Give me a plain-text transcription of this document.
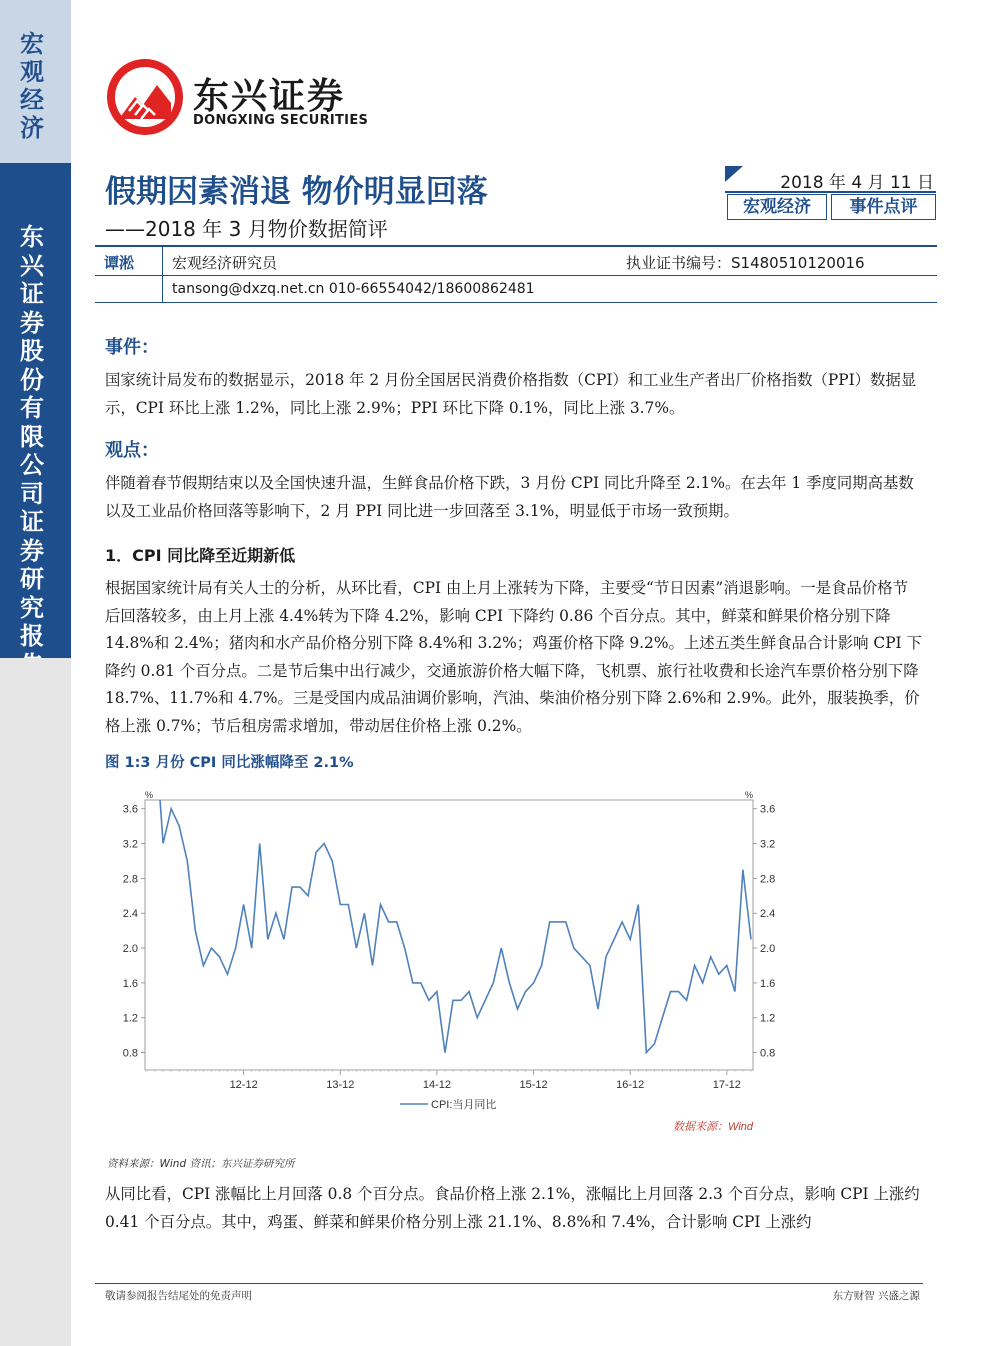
宏观经济
东兴证券股份有限公司证券研究报
东兴证券
DONGXING SECURITIES
假期因素消退 物价明显回落
——2018 年 3 月物价数据简评
2018 年 4 月 11 日
宏观经济	事件点评
谭淞	宏观经济研究员	执业证书编号：S1480510120016
tansong@dxzq.net.cn 010-66554042/18600862481
事件：
国家统计局发布的数据显示，2018 年 2 月份全国居民消费价格指数（CPI）和工业生产者出厂价格指数（PPI）数据显示，CPI 环比上涨 1.2%，同比上涨 2.9%；PPI 环比下降 0.1%，同比上涨 3.7%。
观点：
伴随着春节假期结束以及全国快速升温，生鲜食品价格下跌，3 月份 CPI 同比升降至 2.1%。在去年 1 季度同期高基数以及工业品价格回落等影响下，2 月 PPI 同比进一步回落至 3.1%，明显低于市场一致预期。
1．CPI 同比降至近期新低
根据国家统计局有关人士的分析，从环比看，CPI 由上月上涨转为下降，主要受“节日因素”消退影响。一是食品价格节后回落较多，由上月上涨 4.4%转为下降 4.2%，影响 CPI 下降约 0.86 个百分点。其中，鲜菜和鲜果价格分别下降 14.8%和 2.4%；猪肉和水产品价格分别下降 8.4%和 3.2%；鸡蛋价格下降 9.2%。上述五类生鲜食品合计影响 CPI 下降约 0.81 个百分点。二是节后集中出行减少，交通旅游价格大幅下降，飞机票、旅行社收费和长途汽车票价格分别下降 18.7%、11.7%和 4.7%。三是受国内成品油调价影响，汽油、柴油价格分别下降 2.6%和 2.9%。此外，服装换季，价格上涨 0.7%；节后租房需求增加，带动居住价格上涨 0.2%。
图 1:3 月份 CPI 同比涨幅降至 2.1%
3.6	3.6
3.2	3.2
2.8	2.8
2.4	2.4
2.0	2.0
1.6	1.6
1.2	1.2
0.8	0.8
%	%
12-12	13-12	14-12	15-12	16-12	17-12
CPI:当月同比
数据来源：Wind
资料来源：Wind 资讯；东兴证券研究所
从同比看，CPI 涨幅比上月回落 0.8 个百分点。食品价格上涨 2.1%，涨幅比上月回落 2.3 个百分点，影响 CPI 上涨约 0.41 个百分点。其中，鸡蛋、鲜菜和鲜果价格分别上涨 21.1%、8.8%和 7.4%，合计影响 CPI 上涨约
敬请参阅报告结尾处的免责声明	东方财智 兴盛之源
